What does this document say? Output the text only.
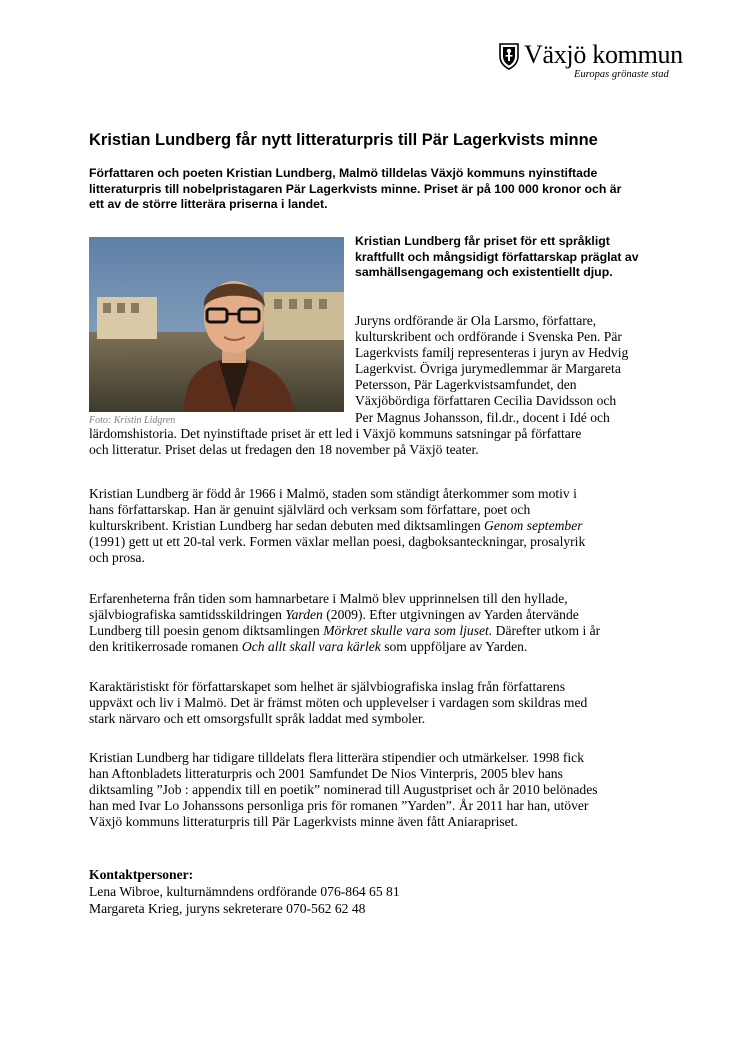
Växjö kommun
Europas grönaste stad
Kristian Lundberg får nytt litteraturpris till Pär Lagerkvists minne

Författaren och poeten Kristian Lundberg, Malmö tilldelas Växjö kommuns nyinstiftade litteraturpris till nobelpristagaren Pär Lagerkvists minne. Priset är på 100 000 kronor och är ett av de större litterära priserna i landet.

Foto: Kristin Lidgren

Kristian Lundberg får priset för ett språkligt kraftfullt och mångsidigt författarskap präglat av samhällsengagemang och existentiellt djup.

Juryns ordförande är Ola Larsmo, författare,
kulturskribent och ordförande i Svenska Pen. Pär
Lagerkvists familj representeras i juryn av Hedvig
Lagerkvist. Övriga jurymedlemmar är Margareta
Petersson, Pär Lagerkvistsamfundet, den
Växjöbördiga författaren Cecilia Davidsson och
Per Magnus Johansson, fil.dr., docent i Idé och
lärdomshistoria. Det nyinstiftade priset är ett led i Växjö kommuns satsningar på författare
och litteratur. Priset delas ut fredagen den 18 november på Växjö teater.
Kristian Lundberg är född år 1966 i Malmö, staden som ständigt återkommer som motiv i
hans författarskap. Han är genuint självlärd och verksam som författare, poet och
kulturskribent. Kristian Lundberg har sedan debuten med diktsamlingen Genom september
(1991) gett ut ett 20-tal verk. Formen växlar mellan poesi, dagboksanteckningar, prosalyrik
och prosa.
Erfarenheterna från tiden som hamnarbetare i Malmö blev upprinnelsen till den hyllade,
självbiografiska samtidsskildringen Yarden (2009). Efter utgivningen av Yarden återvände
Lundberg till poesin genom diktsamlingen Mörkret skulle vara som ljuset. Därefter utkom i år
den kritikerrosade romanen Och allt skall vara kärlek som uppföljare av Yarden.
Karaktäristiskt för författarskapet som helhet är självbiografiska inslag från författarens
uppväxt och liv i Malmö. Det är främst möten och upplevelser i vardagen som skildras med
stark närvaro och ett omsorgsfullt språk laddat med symboler.
Kristian Lundberg har tidigare tilldelats flera litterära stipendier och utmärkelser. 1998 fick
han Aftonbladets litteraturpris och 2001 Samfundet De Nios Vinterpris, 2005 blev hans
diktsamling ”Job : appendix till en poetik” nominerad till Augustpriset och år 2010 belönades
han med Ivar Lo Johanssons personliga pris för romanen ”Yarden”. År 2011 har han, utöver
Växjö kommuns litteraturpris till Pär Lagerkvists minne även fått Aniarapriset.
Kontaktpersoner:
Lena Wibroe, kulturnämndens ordförande 076-864 65 81
Margareta Krieg, juryns sekreterare 070-562 62 48
